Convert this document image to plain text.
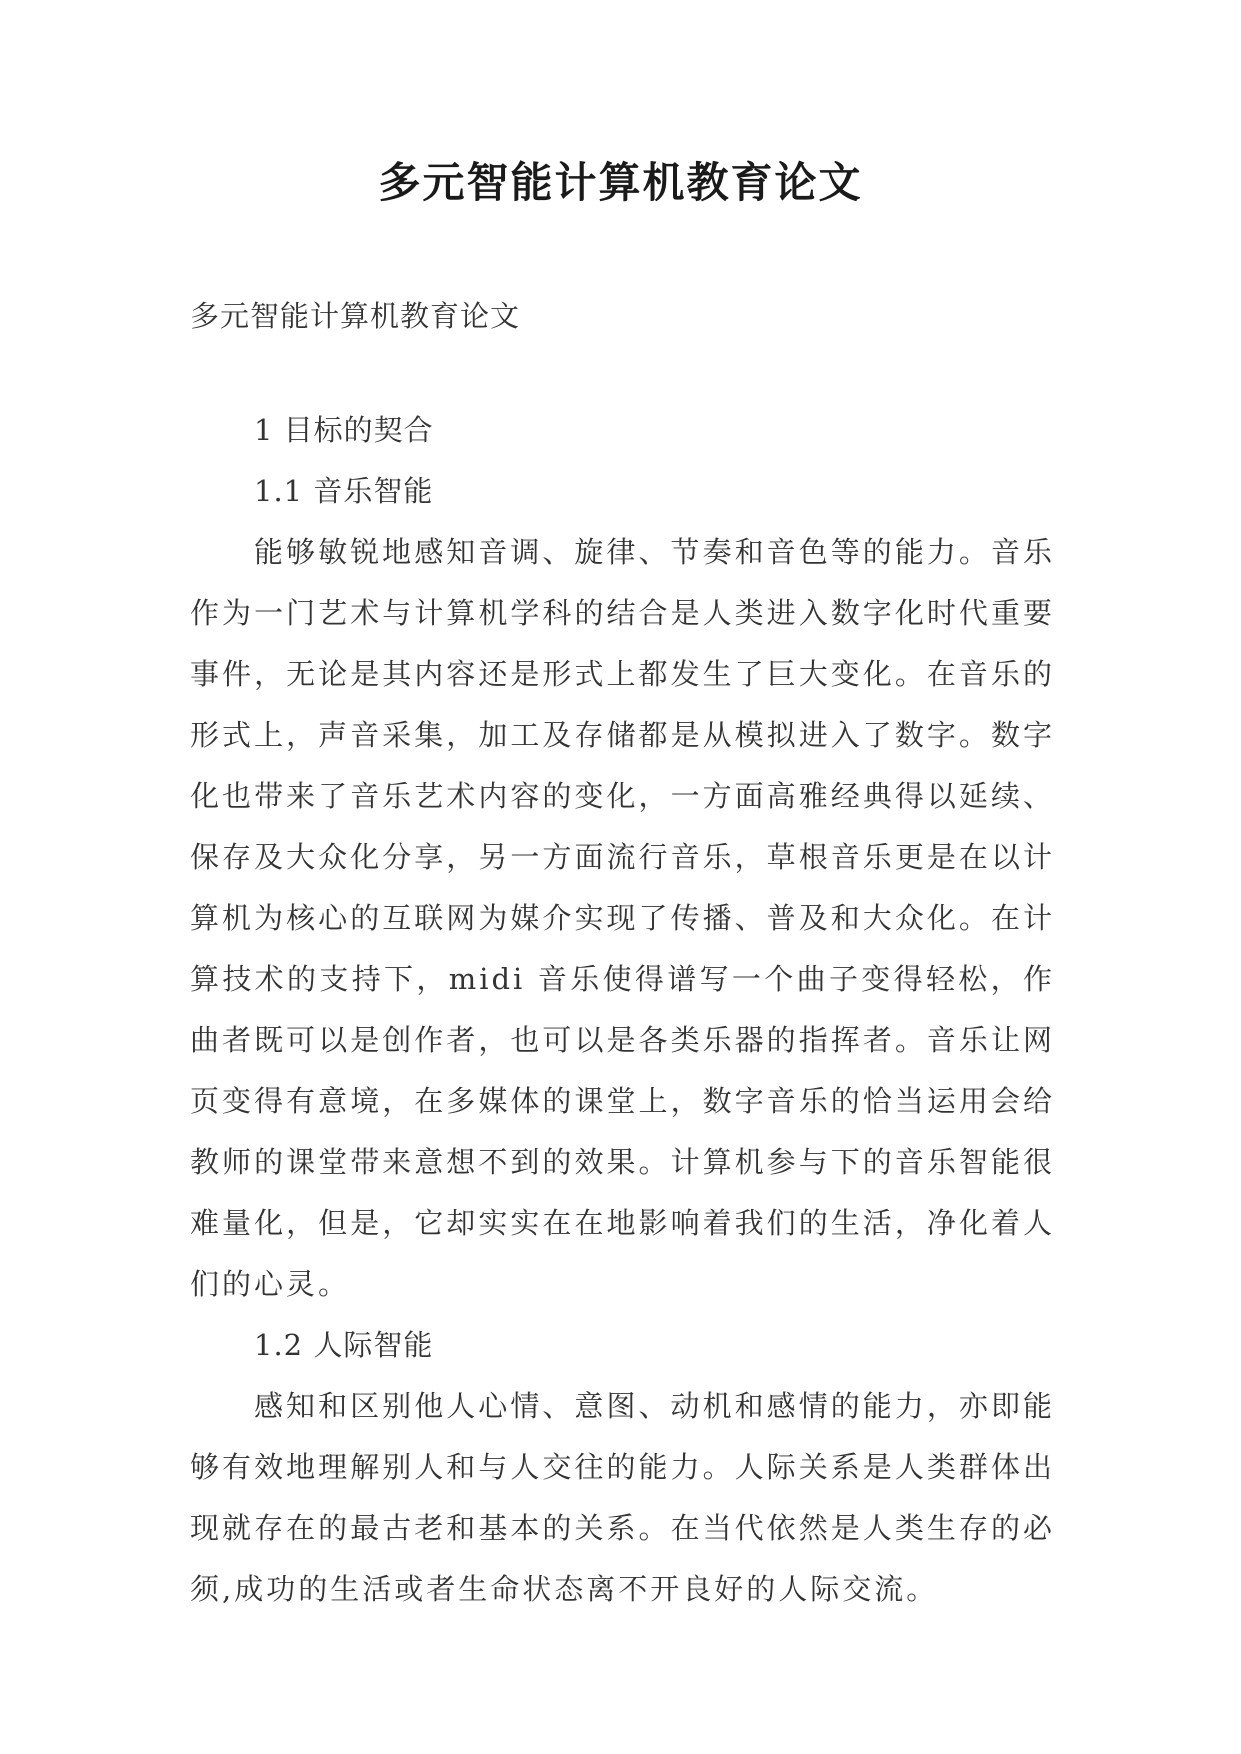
多元智能计算机教育论文

多元智能计算机教育论文

1 目标的契合

1.1 音乐智能

能够敏锐地感知音调、旋律、节奏和音色等的能力。音乐作为一门艺术与计算机学科的结合是人类进入数字化时代重要事件，无论是其内容还是形式上都发生了巨大变化。在音乐的形式上，声音采集，加工及存储都是从模拟进入了数字。数字化也带来了音乐艺术内容的变化，一方面高雅经典得以延续、保存及大众化分享，另一方面流行音乐，草根音乐更是在以计算机为核心的互联网为媒介实现了传播、普及和大众化。在计算技术的支持下，midi 音乐使得谱写一个曲子变得轻松，作曲者既可以是创作者，也可以是各类乐器的指挥者。音乐让网页变得有意境，在多媒体的课堂上，数字音乐的恰当运用会给教师的课堂带来意想不到的效果。计算机参与下的音乐智能很难量化，但是，它却实实在在地影响着我们的生活，净化着人们的心灵。

1.2 人际智能

感知和区别他人心情、意图、动机和感情的能力，亦即能够有效地理解别人和与人交往的能力。人际关系是人类群体出现就存在的最古老和基本的关系。在当代依然是人类生存的必须,成功的生活或者生命状态离不开良好的人际交流。
